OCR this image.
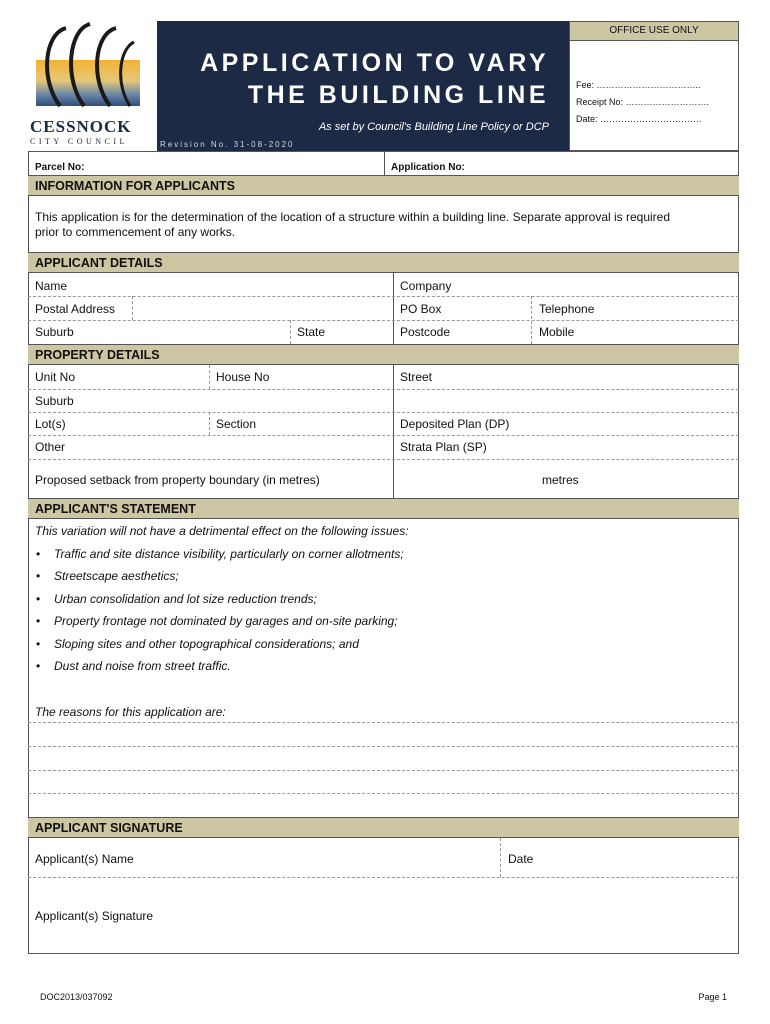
CESSNOCK
CITY COUNCIL
APPLICATION TO VARY
THE BUILDING LINE
As set by Council's Building Line Policy or DCP
Revision No. 31-08-2020
OFFICE USE ONLY
Fee: ……………………………..
Receipt No: ……………………….
Date: …………………………….
Parcel No:	Application No:
INFORMATION FOR APPLICANTS
This application is for the determination of the location of a structure within a building line. Separate approval is required
prior to commencement of any works.
APPLICANT DETAILS
Name	Company
Postal Address	PO Box	Telephone
Suburb	State	Postcode	Mobile
PROPERTY DETAILS
Unit No	House No	Street
Suburb
Lot(s)	Section	Deposited Plan (DP)
Other	Strata Plan (SP)
Proposed setback from property boundary (in metres)	metres
APPLICANT'S STATEMENT
This variation will not have a detrimental effect on the following issues:
• Traffic and site distance visibility, particularly on corner allotments;
• Streetscape aesthetics;
• Urban consolidation and lot size reduction trends;
• Property frontage not dominated by garages and on-site parking;
• Sloping sites and other topographical considerations; and
• Dust and noise from street traffic.
The reasons for this application are:
APPLICANT SIGNATURE
Applicant(s) Name	Date
Applicant(s) Signature
DOC2013/037092	Page 1
